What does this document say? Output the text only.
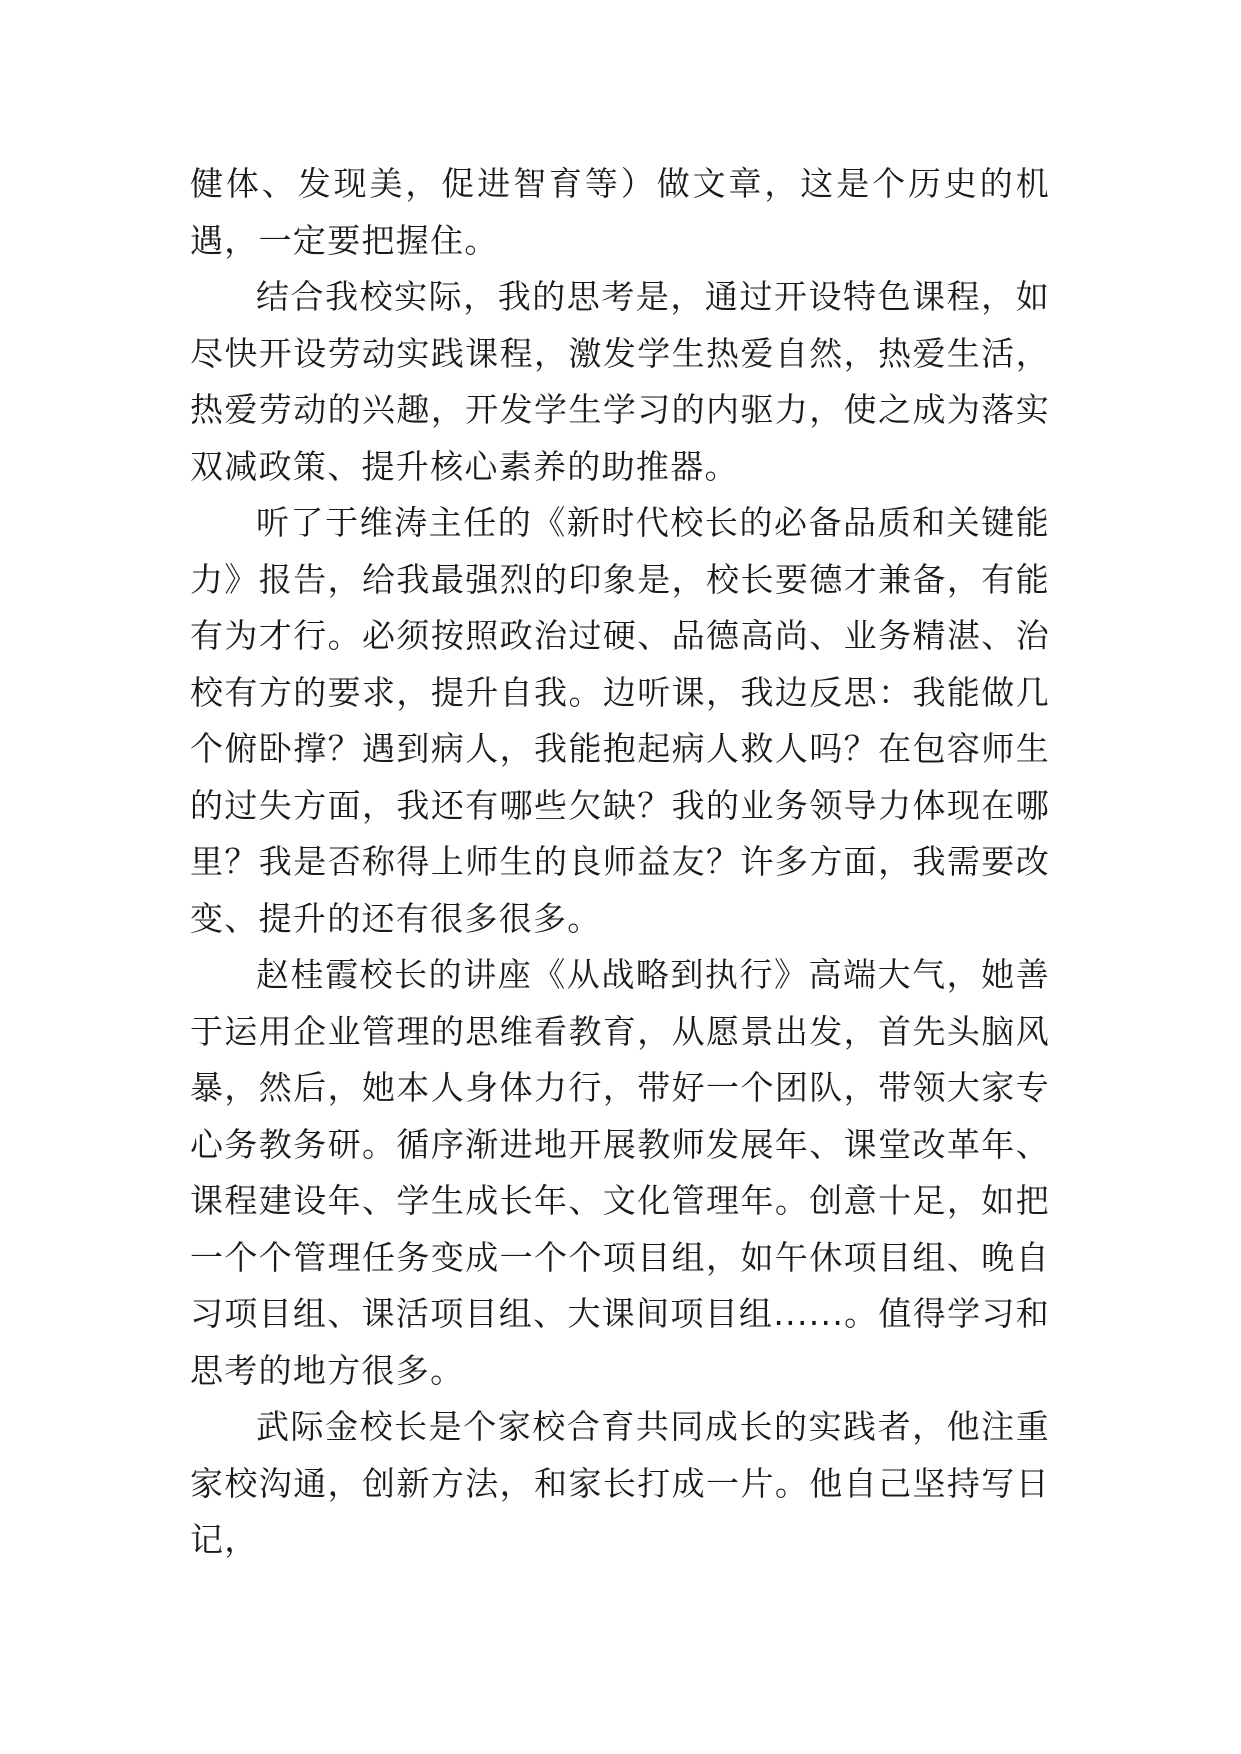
健体、发现美，促进智育等）做文章，这是个历史的机遇，一定要把握住。

结合我校实际，我的思考是，通过开设特色课程，如尽快开设劳动实践课程，激发学生热爱自然，热爱生活，热爱劳动的兴趣，开发学生学习的内驱力，使之成为落实双减政策、提升核心素养的助推器。

听了于维涛主任的《新时代校长的必备品质和关键能力》报告，给我最强烈的印象是，校长要德才兼备，有能有为才行。必须按照政治过硬、品德高尚、业务精湛、治校有方的要求，提升自我。边听课，我边反思：我能做几个俯卧撑？遇到病人，我能抱起病人救人吗？在包容师生的过失方面，我还有哪些欠缺？我的业务领导力体现在哪里？我是否称得上师生的良师益友？许多方面，我需要改变、提升的还有很多很多。

赵桂霞校长的讲座《从战略到执行》高端大气，她善于运用企业管理的思维看教育，从愿景出发，首先头脑风暴，然后，她本人身体力行，带好一个团队，带领大家专心务教务研。循序渐进地开展教师发展年、课堂改革年、课程建设年、学生成长年、文化管理年。创意十足，如把一个个管理任务变成一个个项目组，如午休项目组、晚自习项目组、课活项目组、大课间项目组......。值得学习和思考的地方很多。

武际金校长是个家校合育共同成长的实践者，他注重家校沟通，创新方法，和家长打成一片。他自己坚持写日记，
